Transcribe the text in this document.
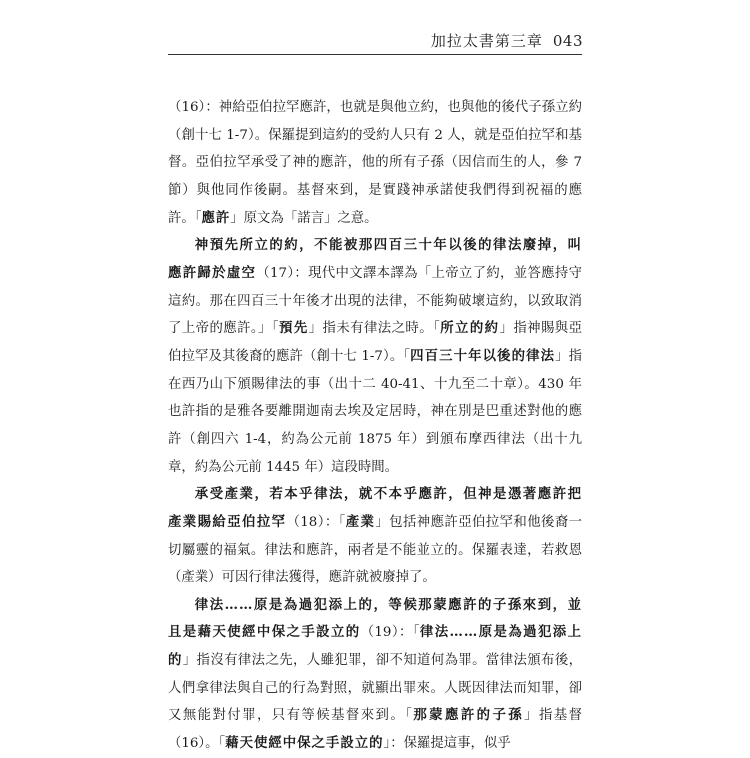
加拉太書第三章 043

（16）：神給亞伯拉罕應許，也就是與他立約，也與他的後代子孫立約（創十七 1-7）。保羅提到這約的受約人只有 2 人，就是亞伯拉罕和基督。亞伯拉罕承受了神的應許，他的所有子孫（因信而生的人，參 7 節）與他同作後嗣。基督來到，是實踐神承諾使我們得到祝福的應許。「應許」原文為「諾言」之意。

神預先所立的約，不能被那四百三十年以後的律法廢掉，叫應許歸於虛空（17）：現代中文譯本譯為「上帝立了約，並答應持守這約。那在四百三十年後才出現的法律，不能夠破壞這約，以致取消了上帝的應許。」「預先」指未有律法之時。「所立的約」指神賜與亞伯拉罕及其後裔的應許（創十七 1-7）。「四百三十年以後的律法」指在西乃山下頒賜律法的事（出十二 40-41、十九至二十章）。430 年也許指的是雅各要離開迦南去埃及定居時，神在別是巴重述對他的應許（創四六 1-4，約為公元前 1875 年）到頒布摩西律法（出十九章，約為公元前 1445 年）這段時間。

承受產業，若本乎律法，就不本乎應許，但神是憑著應許把產業賜給亞伯拉罕（18）：「產業」包括神應許亞伯拉罕和他後裔一切屬靈的福氣。律法和應許，兩者是不能並立的。保羅表達，若救恩（產業）可因行律法獲得，應許就被廢掉了。

律法……原是為過犯添上的，等候那蒙應許的子孫來到，並且是藉天使經中保之手設立的（19）：「律法……原是為過犯添上的」指沒有律法之先，人雖犯罪，卻不知道何為罪。當律法頒布後，人們拿律法與自己的行為對照，就顯出罪來。人既因律法而知罪，卻又無能對付罪，只有等候基督來到。「那蒙應許的子孫」指基督（16）。「藉天使經中保之手設立的」：保羅提這事，似乎
